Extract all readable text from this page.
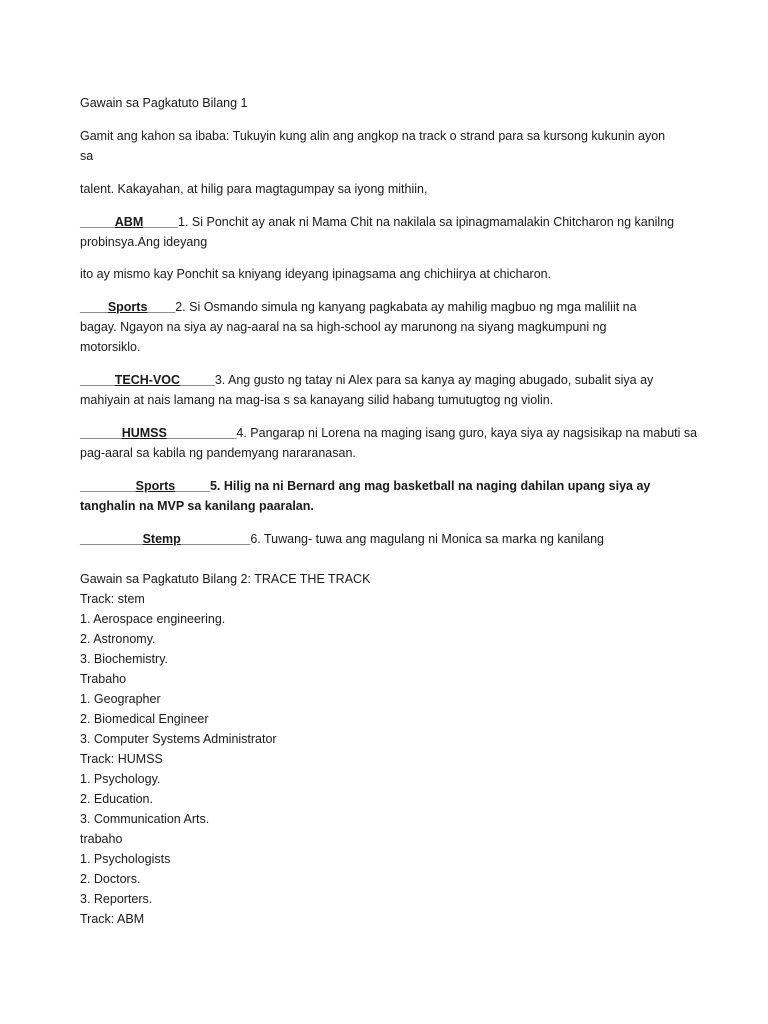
Gawain sa Pagkatuto Bilang 1
Gamit ang kahon sa ibaba: Tukuyin kung alin ang angkop na track o strand para sa kursong kukunin ayon
sa
talent. Kakayahan, at hilig para magtagumpay sa iyong mithiin,
_____ABM_____1. Si Ponchit ay anak ni Mama Chit na nakilala sa ipinagmamalakin Chitcharon ng kanilng
probinsya.Ang ideyang
ito ay mismo kay Ponchit sa kniyang ideyang ipinagsama ang chichiirya at chicharon.
____Sports____2. Si Osmando simula ng kanyang pagkabata ay mahilig magbuo ng mga maliliit na
bagay. Ngayon na siya ay nag-aaral na sa high-school ay marunong na siyang magkumpuni ng
motorsiklo.
_____TECH-VOC_____3. Ang gusto ng tatay ni Alex para sa kanya ay maging abugado, subalit siya ay
mahiyain at nais lamang na mag-isa s sa kanayang silid habang tumutugtog ng violin.
______HUMSS__________4. Pangarap ni Lorena na maging isang guro, kaya siya ay nagsisikap na mabuti sa
pag-aaral sa kabila ng pandemyang nararanasan.
________Sports_____5. Hilig na ni Bernard ang mag basketball na naging dahilan upang siya ay
tanghalin na MVP sa kanilang paaralan.
_________Stemp__________6. Tuwang- tuwa ang magulang ni Monica sa marka ng kanilang
Gawain sa Pagkatuto Bilang 2: TRACE THE TRACK
Track: stem
1. Aerospace engineering.
2. Astronomy.
3. Biochemistry.
Trabaho
1. Geographer
2. Biomedical Engineer
3. Computer Systems Administrator
Track: HUMSS
1. Psychology.
2. Education.
3. Communication Arts.
trabaho
1. Psychologists
2. Doctors.
3. Reporters.
Track: ABM
